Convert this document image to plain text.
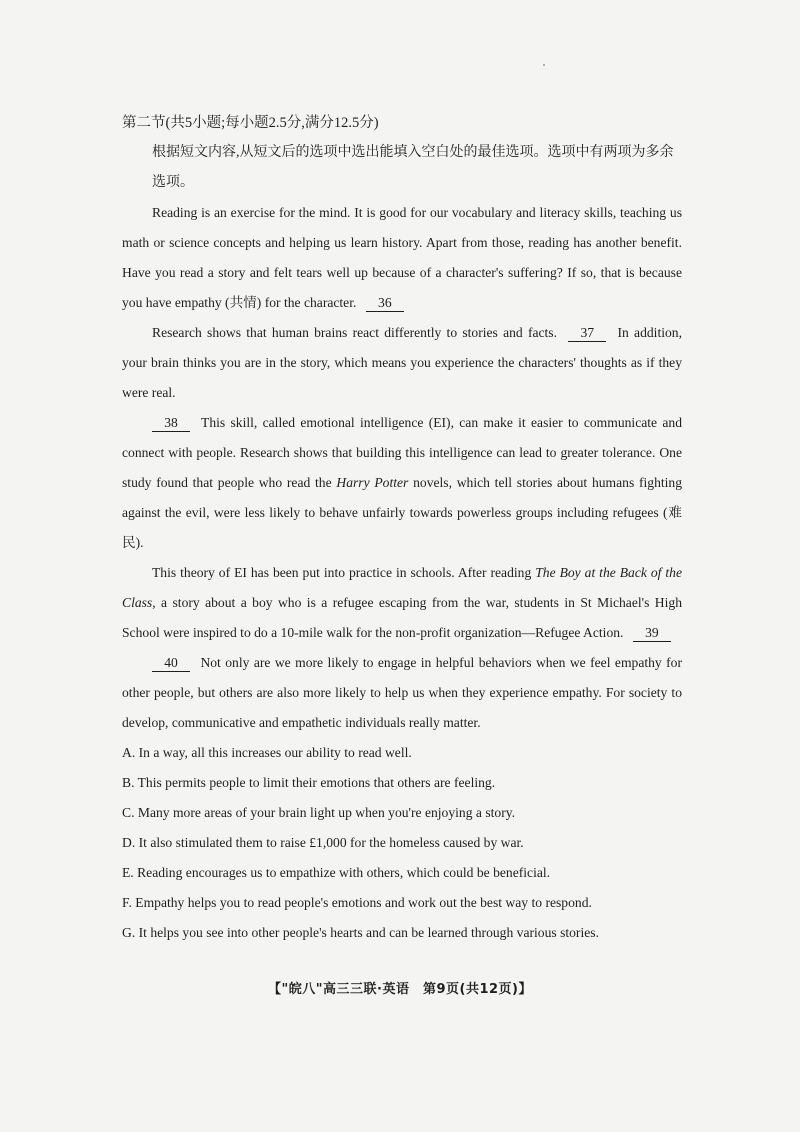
第二节(共5小题;每小题2.5分,满分12.5分)

根据短文内容,从短文后的选项中选出能填入空白处的最佳选项。选项中有两项为多余选项。

Reading is an exercise for the mind. It is good for our vocabulary and literacy skills, teaching us math or science concepts and helping us learn history. Apart from those, reading has another benefit. Have you read a story and felt tears well up because of a character's suffering? If so, that is because you have empathy (共情) for the character. 36

Research shows that human brains react differently to stories and facts. 37 In addition, your brain thinks you are in the story, which means you experience the characters' thoughts as if they were real.

38 This skill, called emotional intelligence (EI), can make it easier to communicate and connect with people. Research shows that building this intelligence can lead to greater tolerance. One study found that people who read the Harry Potter novels, which tell stories about humans fighting against the evil, were less likely to behave unfairly towards powerless groups including refugees (难民).

This theory of EI has been put into practice in schools. After reading The Boy at the Back of the Class, a story about a boy who is a refugee escaping from the war, students in St Michael's High School were inspired to do a 10-mile walk for the non-profit organization—Refugee Action. 39

40 Not only are we more likely to engage in helpful behaviors when we feel empathy for other people, but others are also more likely to help us when they experience empathy. For society to develop, communicative and empathetic individuals really matter.

A. In a way, all this increases our ability to read well.
B. This permits people to limit their emotions that others are feeling.
C. Many more areas of your brain light up when you're enjoying a story.
D. It also stimulated them to raise £1,000 for the homeless caused by war.
E. Reading encourages us to empathize with others, which could be beneficial.
F. Empathy helps you to read people's emotions and work out the best way to respond.
G. It helps you see into other people's hearts and can be learned through various stories.
【"皖八"高三三联·英语　第9页(共12页)】
